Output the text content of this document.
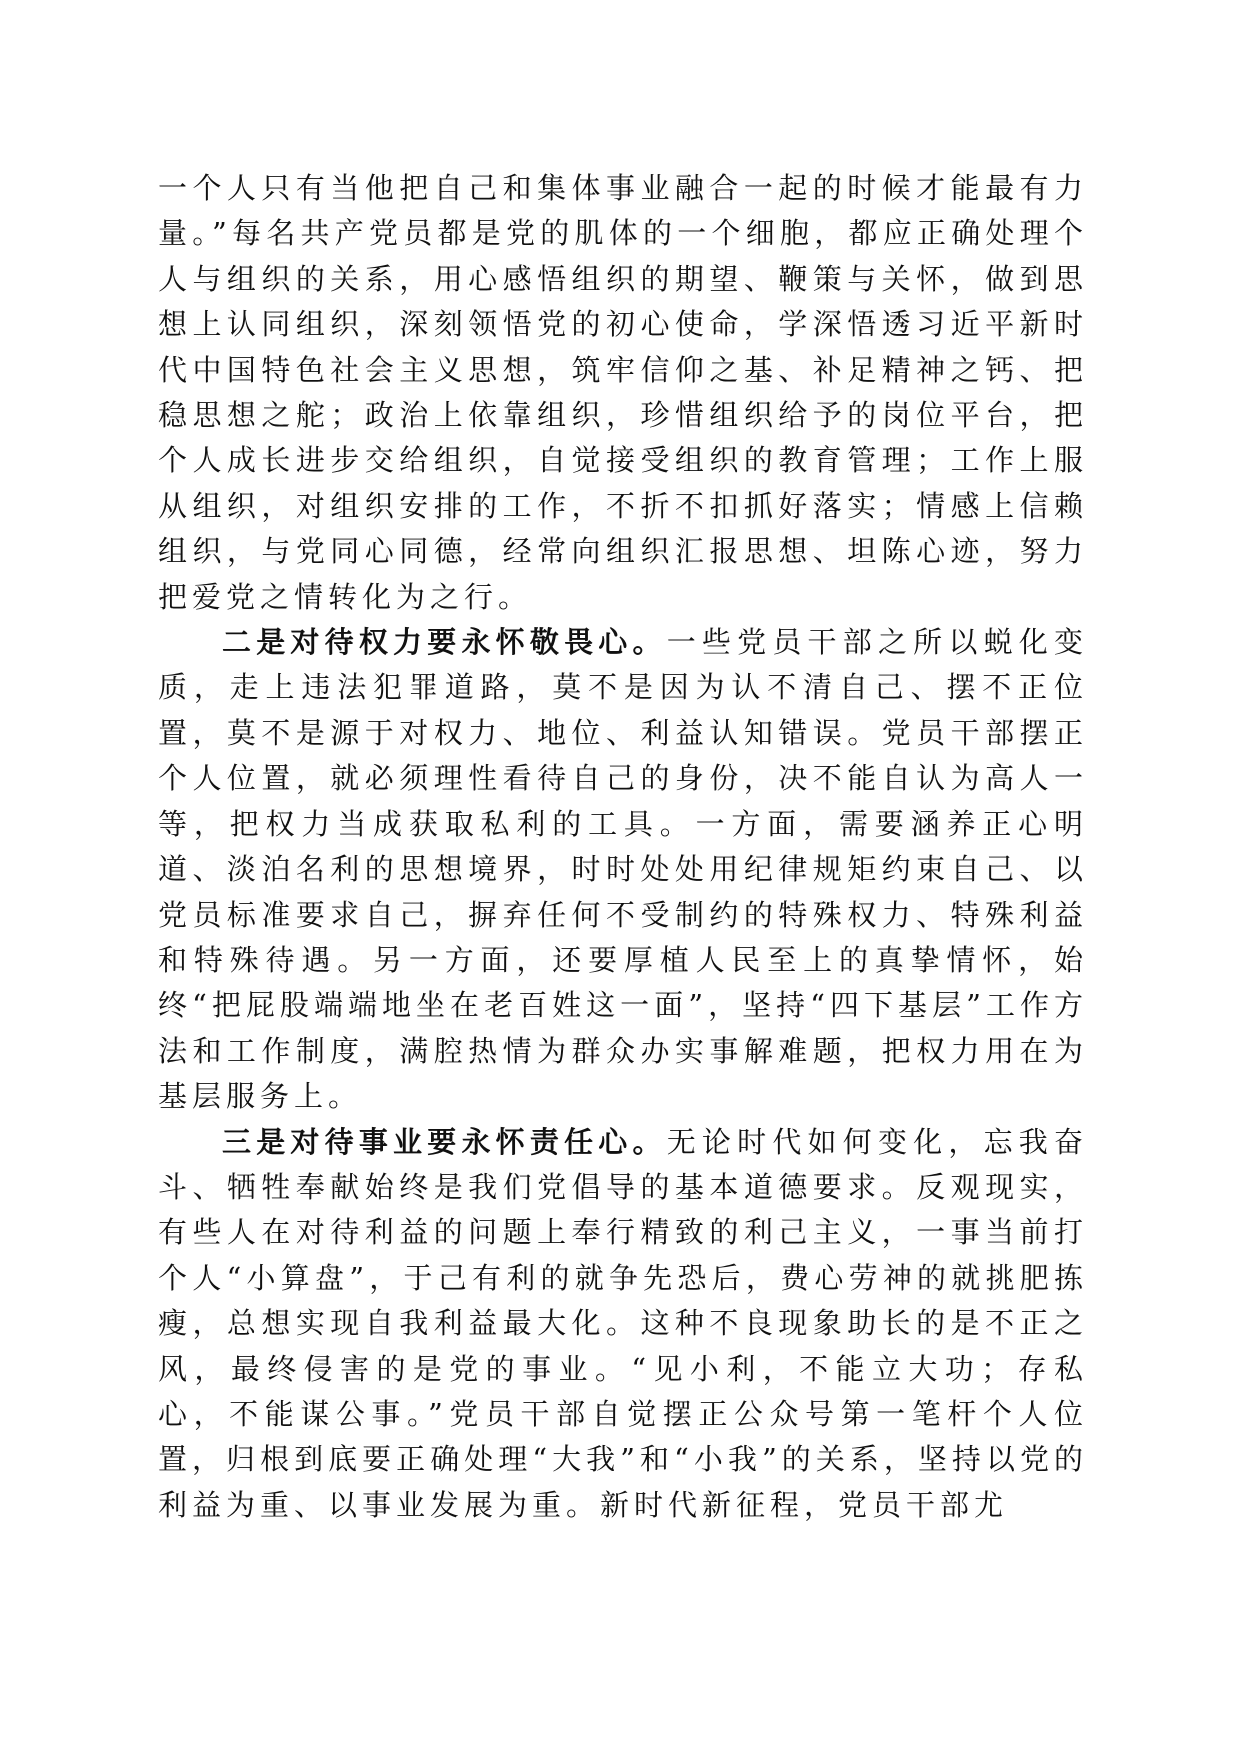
一个人只有当他把自己和集体事业融合一起的时候才能最有力量。”每名共产党员都是党的肌体的一个细胞，都应正确处理个人与组织的关系，用心感悟组织的期望、鞭策与关怀，做到思想上认同组织，深刻领悟党的初心使命，学深悟透习近平新时代中国特色社会主义思想，筑牢信仰之基、补足精神之钙、把稳思想之舵；政治上依靠组织，珍惜组织给予的岗位平台，把个人成长进步交给组织，自觉接受组织的教育管理；工作上服从组织，对组织安排的工作，不折不扣抓好落实；情感上信赖组织，与党同心同德，经常向组织汇报思想、坦陈心迹，努力把爱党之情转化为之行。

二是对待权力要永怀敬畏心。一些党员干部之所以蜕化变质，走上违法犯罪道路，莫不是因为认不清自己、摆不正位置，莫不是源于对权力、地位、利益认知错误。党员干部摆正个人位置，就必须理性看待自己的身份，决不能自认为高人一等，把权力当成获取私利的工具。一方面，需要涵养正心明道、淡泊名利的思想境界，时时处处用纪律规矩约束自己、以党员标准要求自己，摒弃任何不受制约的特殊权力、特殊利益和特殊待遇。另一方面，还要厚植人民至上的真挚情怀，始终“把屁股端端地坐在老百姓这一面”，坚持“四下基层”工作方法和工作制度，满腔热情为群众办实事解难题，把权力用在为基层服务上。

三是对待事业要永怀责任心。无论时代如何变化，忘我奋斗、牺牲奉献始终是我们党倡导的基本道德要求。反观现实，有些人在对待利益的问题上奉行精致的利己主义，一事当前打个人“小算盘”，于己有利的就争先恐后，费心劳神的就挑肥拣瘦，总想实现自我利益最大化。这种不良现象助长的是不正之风，最终侵害的是党的事业。“见小利，不能立大功；存私心，不能谋公事。”党员干部自觉摆正公众号第一笔杆个人位置，归根到底要正确处理“大我”和“小我”的关系，坚持以党的利益为重、以事业发展为重。新时代新征程，党员干部尤
